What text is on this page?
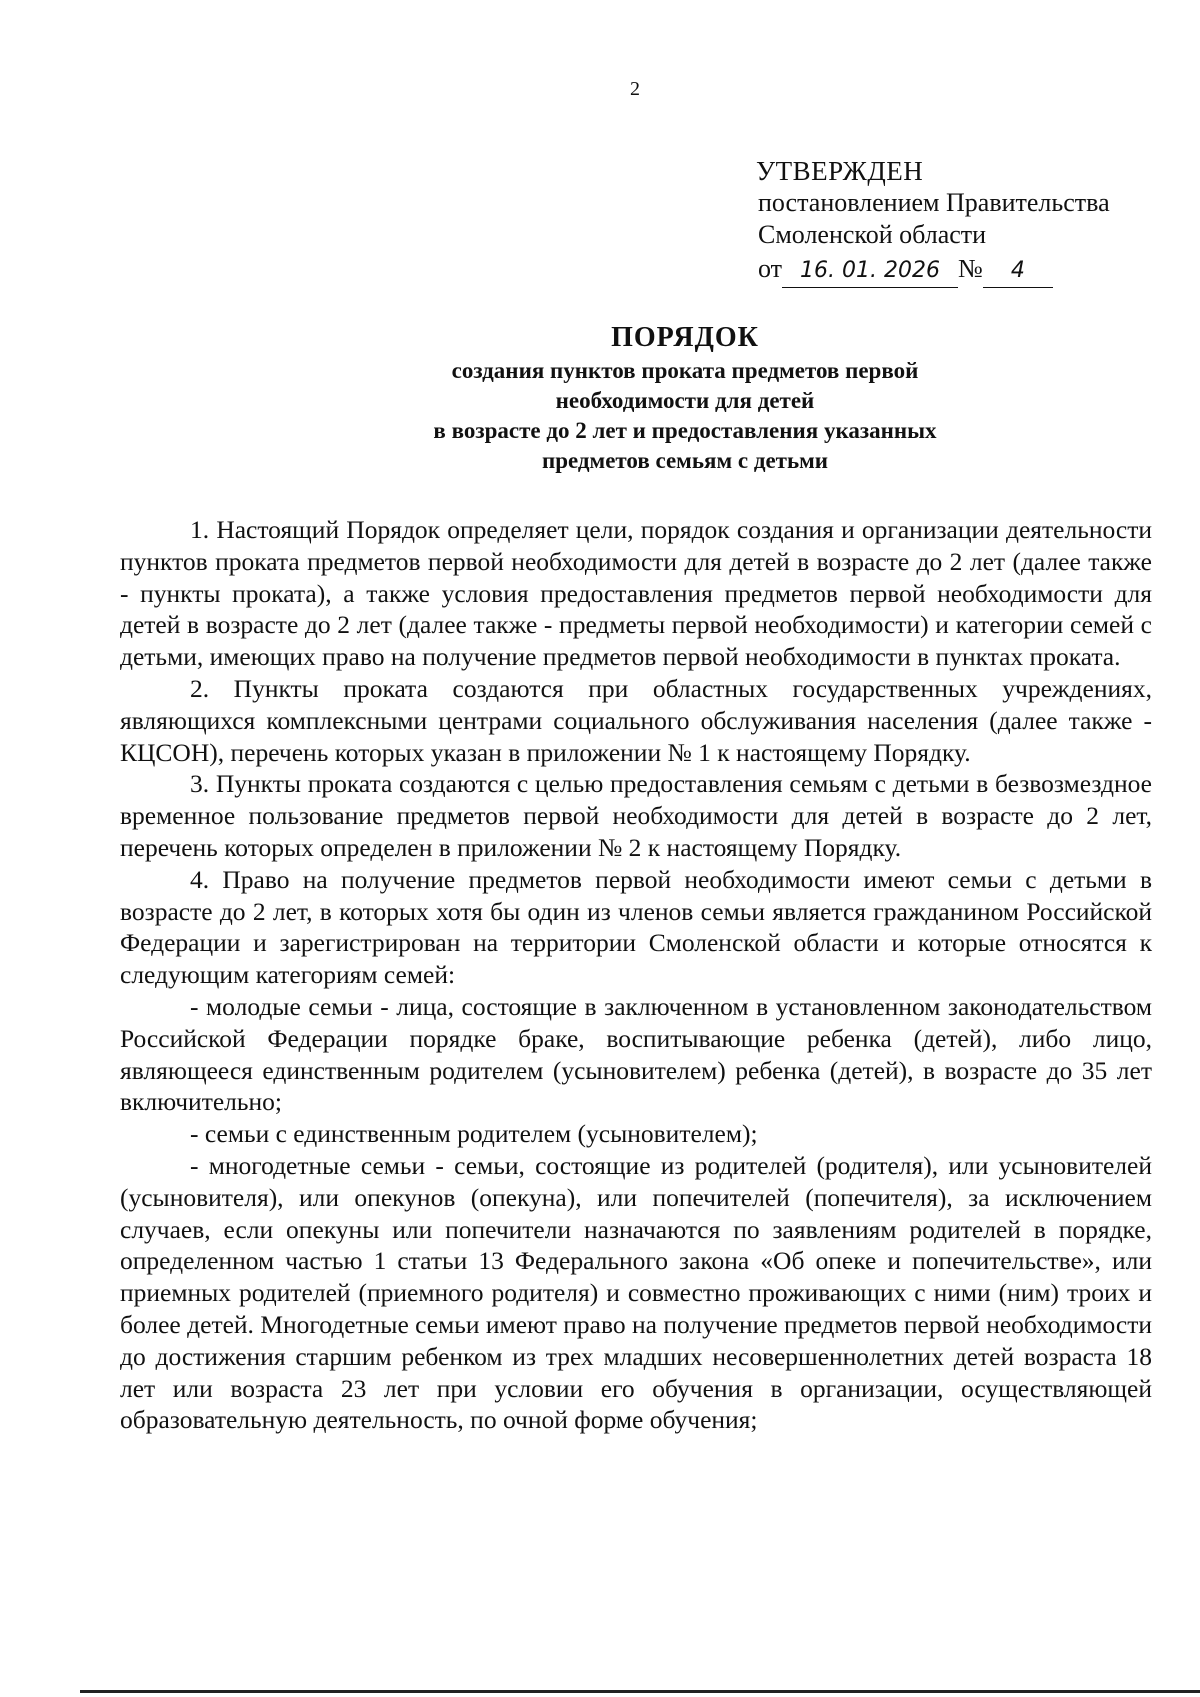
2
УТВЕРЖДЕН
постановлением Правительства
Смоленской области
от 16. 01. 2026 № 4
ПОРЯДОК
создания пунктов проката предметов первой
необходимости для детей
в возрасте до 2 лет и предоставления указанных
предметов семьям с детьми

1. Настоящий Порядок определяет цели, порядок создания и организации деятельности пунктов проката предметов первой необходимости для детей в возрасте до 2 лет (далее также - пункты проката), а также условия предоставления предметов первой необходимости для детей в возрасте до 2 лет (далее также - предметы первой необходимости) и категории семей с детьми, имеющих право на получение предметов первой необходимости в пунктах проката.

2. Пункты проката создаются при областных государственных учреждениях, являющихся комплексными центрами социального обслуживания населения (далее также - КЦСОН), перечень которых указан в приложении № 1 к настоящему Порядку.

3. Пункты проката создаются с целью предоставления семьям с детьми в безвозмездное временное пользование предметов первой необходимости для детей в возрасте до 2 лет, перечень которых определен в приложении № 2 к настоящему Порядку.

4. Право на получение предметов первой необходимости имеют семьи с детьми в возрасте до 2 лет, в которых хотя бы один из членов семьи является гражданином Российской Федерации и зарегистрирован на территории Смоленской области и которые относятся к следующим категориям семей:

- молодые семьи - лица, состоящие в заключенном в установленном законодательством Российской Федерации порядке браке, воспитывающие ребенка (детей), либо лицо, являющееся единственным родителем (усыновителем) ребенка (детей), в возрасте до 35 лет включительно;

- семьи с единственным родителем (усыновителем);

- многодетные семьи - семьи, состоящие из родителей (родителя), или усыновителей (усыновителя), или опекунов (опекуна), или попечителей (попечителя), за исключением случаев, если опекуны или попечители назначаются по заявлениям родителей в порядке, определенном частью 1 статьи 13 Федерального закона «Об опеке и попечительстве», или приемных родителей (приемного родителя) и совместно проживающих с ними (ним) троих и более детей. Многодетные семьи имеют право на получение предметов первой необходимости до достижения старшим ребенком из трех младших несовершеннолетних детей возраста 18 лет или возраста 23 лет при условии его обучения в организации, осуществляющей образовательную деятельность, по очной форме обучения;
